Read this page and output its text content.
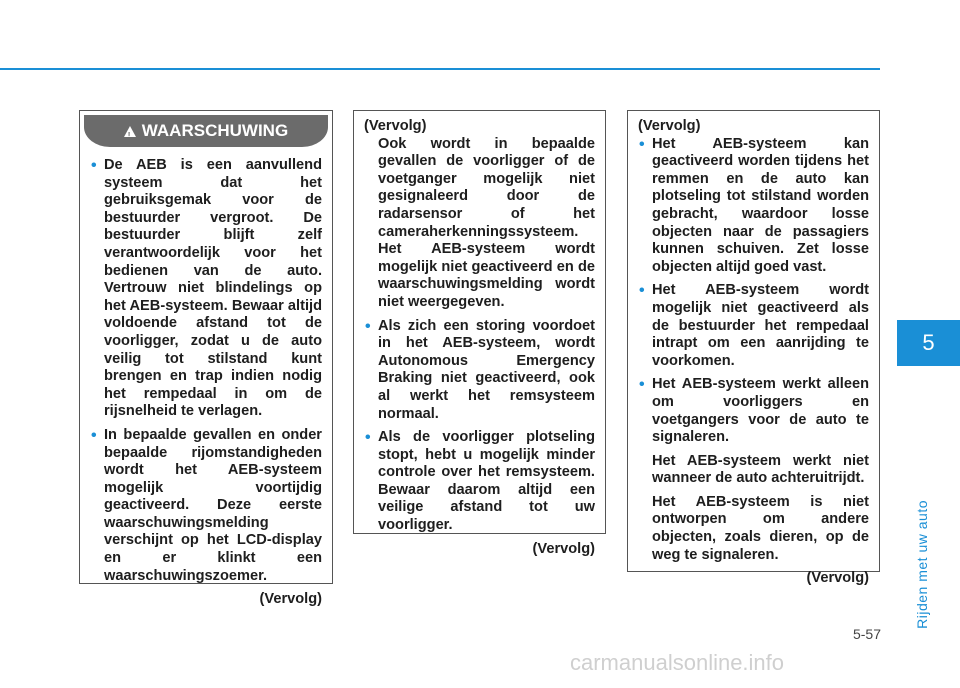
!
WAARSCHUWING

• De AEB is een aanvullend systeem dat het gebruiksgemak voor de bestuurder vergroot. De bestuurder blijft zelf verantwoordelijk voor het bedienen van de auto. Vertrouw niet blindelings op het AEB-systeem. Bewaar altijd voldoende afstand tot de voorligger, zodat u de auto veilig tot stilstand kunt brengen en trap indien nodig het rempedaal in om de rijsnelheid te verlagen.

• In bepaalde gevallen en onder bepaalde rijomstandigheden wordt het AEB-systeem mogelijk voortijdig geactiveerd. Deze eerste waarschuwingsmelding verschijnt op het LCD-display en er klinkt een waarschuwingszoemer.

(Vervolg)

(Vervolg)

Ook wordt in bepaalde gevallen de voorligger of de voetganger mogelijk niet gesignaleerd door de radarsensor of het cameraherkenningssysteem. Het AEB-systeem wordt mogelijk niet geactiveerd en de waarschuwingsmelding wordt niet weergegeven.

• Als zich een storing voordoet in het AEB-systeem, wordt Autonomous Emergency Braking niet geactiveerd, ook al werkt het remsysteem normaal.

• Als de voorligger plotseling stopt, hebt u mogelijk minder controle over het remsysteem. Bewaar daarom altijd een veilige afstand tot uw voorligger.

(Vervolg)

(Vervolg)

• Het AEB-systeem kan geactiveerd worden tijdens het remmen en de auto kan plotseling tot stilstand worden gebracht, waardoor losse objecten naar de passagiers kunnen schuiven. Zet losse objecten altijd goed vast.

• Het AEB-systeem wordt mogelijk niet geactiveerd als de bestuurder het rempedaal intrapt om een aanrijding te voorkomen.

• Het AEB-systeem werkt alleen om voorliggers en voetgangers voor de auto te signaleren.

Het AEB-systeem werkt niet wanneer de auto achteruitrijdt.

Het AEB-systeem is niet ontworpen om andere objecten, zoals dieren, op de weg te signaleren.

(Vervolg)

5
Rijden met uw auto
5-57
carmanualsonline.info
